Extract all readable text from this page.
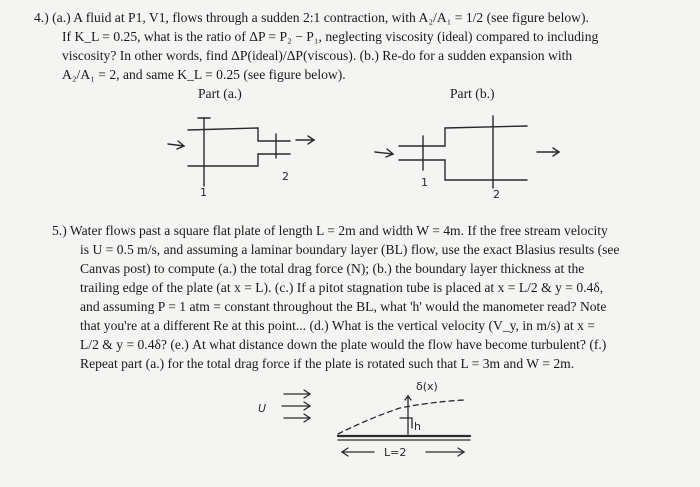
4.) (a.) A fluid at P1, V1, flows through a sudden 2:1 contraction, with A₂/A₁ = 1/2 (see figure below).
If K_L = 0.25, what is the ratio of ΔP = P₂ − P₁, neglecting viscosity (ideal) compared to including
viscosity? In other words, find ΔP(ideal)/ΔP(viscous). (b.) Re-do for a sudden expansion with
A₂/A₁ = 2, and same K_L = 0.25 (see figure below).
Part (a.)	Part (b.)
1
2	1
2
5.) Water flows past a square flat plate of length L = 2m and width W = 4m. If the free stream velocity
is U = 0.5 m/s, and assuming a laminar boundary layer (BL) flow, use the exact Blasius results (see
Canvas post) to compute (a.) the total drag force (N); (b.) the boundary layer thickness at the
trailing edge of the plate (at x = L). (c.) If a pitot stagnation tube is placed at x = L/2 & y = 0.4δ,
and assuming P = 1 atm = constant throughout the BL, what 'h' would the manometer read? Note
that you're at a different Re at this point... (d.) What is the vertical velocity (V_y, in m/s) at x =
L/2 & y = 0.4δ? (e.) At what distance down the plate would the flow have become turbulent? (f.)
Repeat part (a.) for the total drag force if the plate is rotated such that L = 3m and W = 2m.
U
δ(x)
h
L=2
